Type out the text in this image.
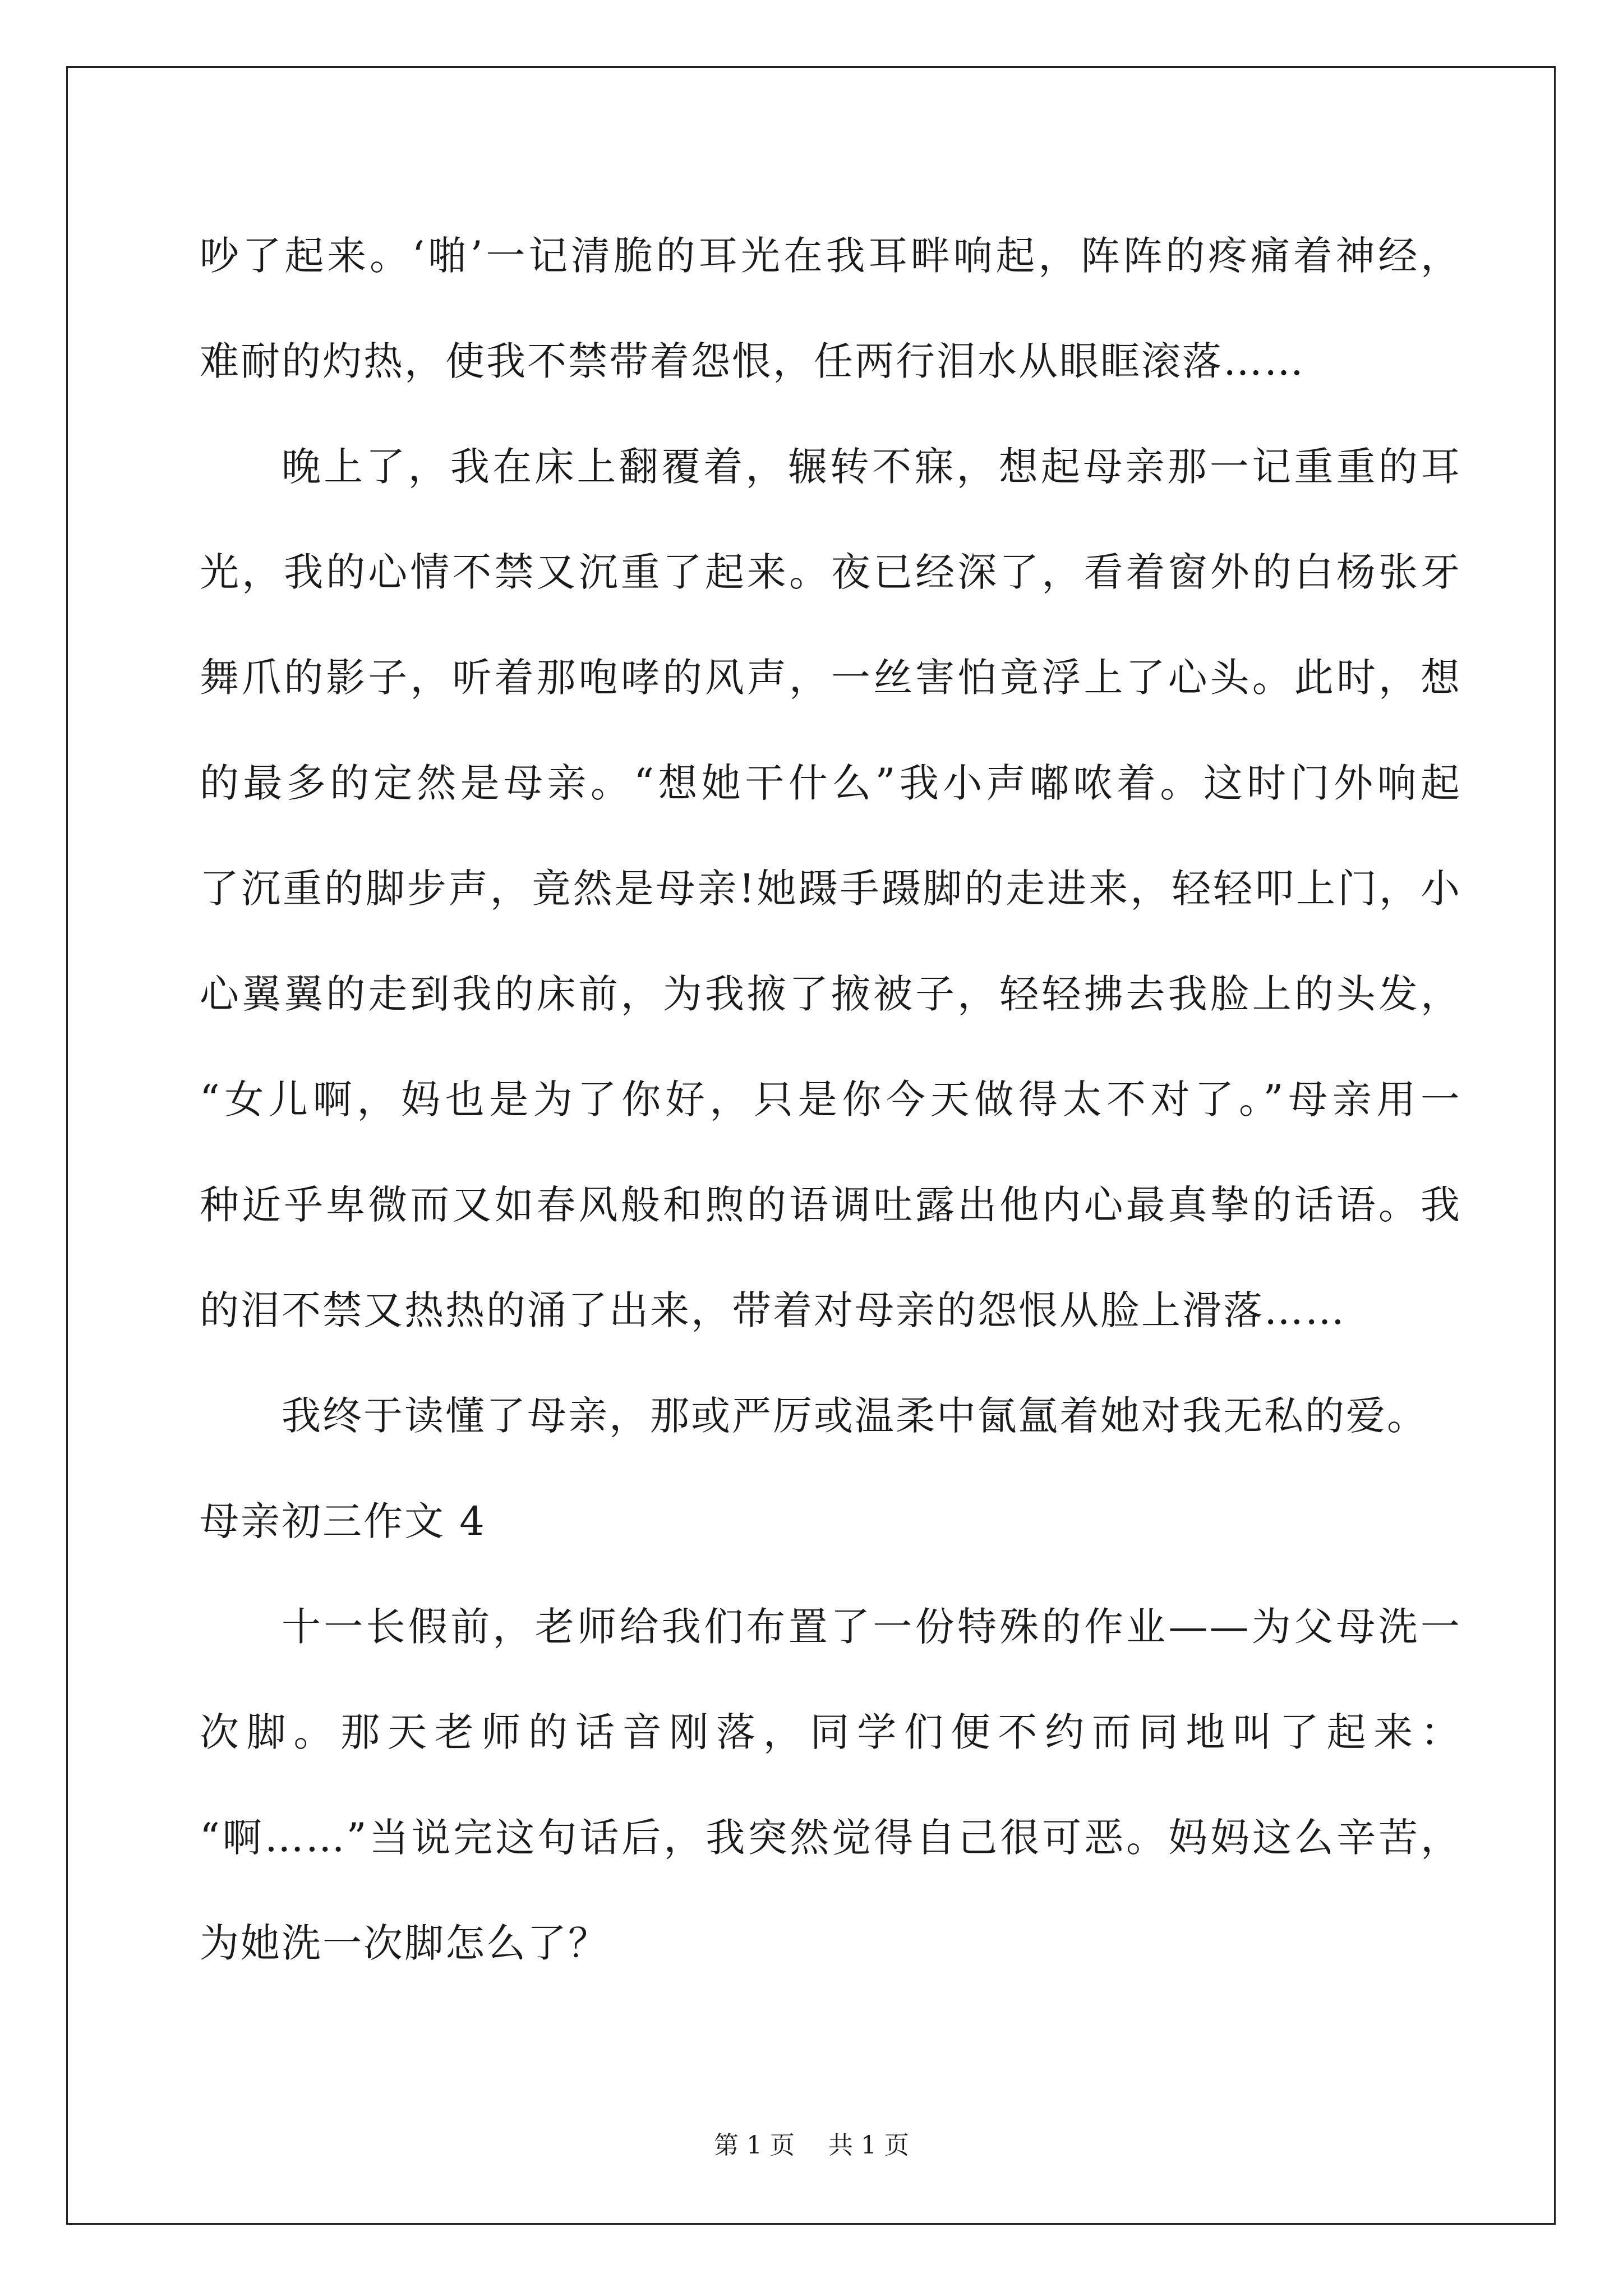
吵了起来。‘啪’一记清脆的耳光在我耳畔响起，阵阵的疼痛着神经，
难耐的灼热，使我不禁带着怨恨，任两行泪水从眼眶滚落……
晚上了，我在床上翻覆着，辗转不寐，想起母亲那一记重重的耳
光，我的心情不禁又沉重了起来。夜已经深了，看着窗外的白杨张牙
舞爪的影子，听着那咆哮的风声，一丝害怕竟浮上了心头。此时，想
的最多的定然是母亲。“想她干什么”我小声嘟哝着。这时门外响起
了沉重的脚步声，竟然是母亲!她蹑手蹑脚的走进来，轻轻叩上门，小
心翼翼的走到我的床前，为我掖了掖被子，轻轻拂去我脸上的头发，
“女儿啊，妈也是为了你好，只是你今天做得太不对了。”母亲用一
种近乎卑微而又如春风般和煦的语调吐露出他内心最真挚的话语。我
的泪不禁又热热的涌了出来，带着对母亲的怨恨从脸上滑落……
我终于读懂了母亲，那或严厉或温柔中氤氲着她对我无私的爱。
母亲初三作文 4
十一长假前，老师给我们布置了一份特殊的作业——为父母洗一
次脚。那天老师的话音刚落，同学们便不约而同地叫了起来：
“啊……”当说完这句话后，我突然觉得自己很可恶。妈妈这么辛苦，
为她洗一次脚怎么了？
第 1 页 共 1 页
